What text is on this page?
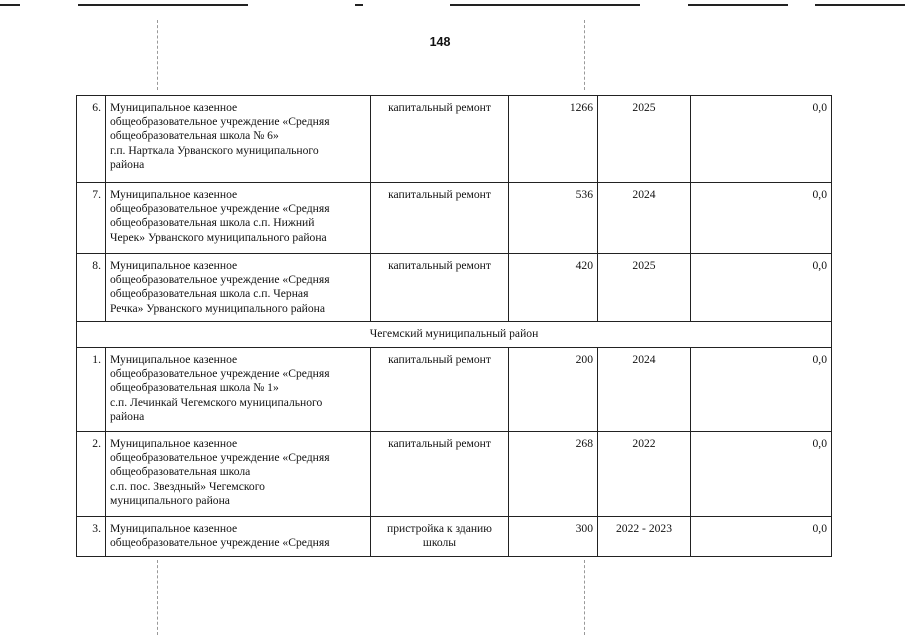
148
6.	Муниципальное казенное
общеобразовательное учреждение «Средняя
общеобразовательная школа № 6»
г.п. Нарткала Урванского муниципального
района	капитальный ремонт	1266	2025	0,0
7.	Муниципальное казенное
общеобразовательное учреждение «Средняя
общеобразовательная школа с.п. Нижний
Черек» Урванского муниципального района	капитальный ремонт	536	2024	0,0
8.	Муниципальное казенное
общеобразовательное учреждение «Средняя
общеобразовательная школа с.п. Черная
Речка» Урванского муниципального района	капитальный ремонт	420	2025	0,0
Чегемский муниципальный район					
1.	Муниципальное казенное
общеобразовательное учреждение «Средняя
общеобразовательная школа № 1»
с.п. Лечинкай Чегемского муниципального
района	капитальный ремонт	200	2024	0,0
2.	Муниципальное казенное
общеобразовательное учреждение «Средняя
общеобразовательная школа
с.п. пос. Звездный» Чегемского
муниципального района	капитальный ремонт	268	2022	0,0
3.	Муниципальное казенное
общеобразовательное учреждение «Средняя	пристройка к зданию школы	300	2022 - 2023	0,0
